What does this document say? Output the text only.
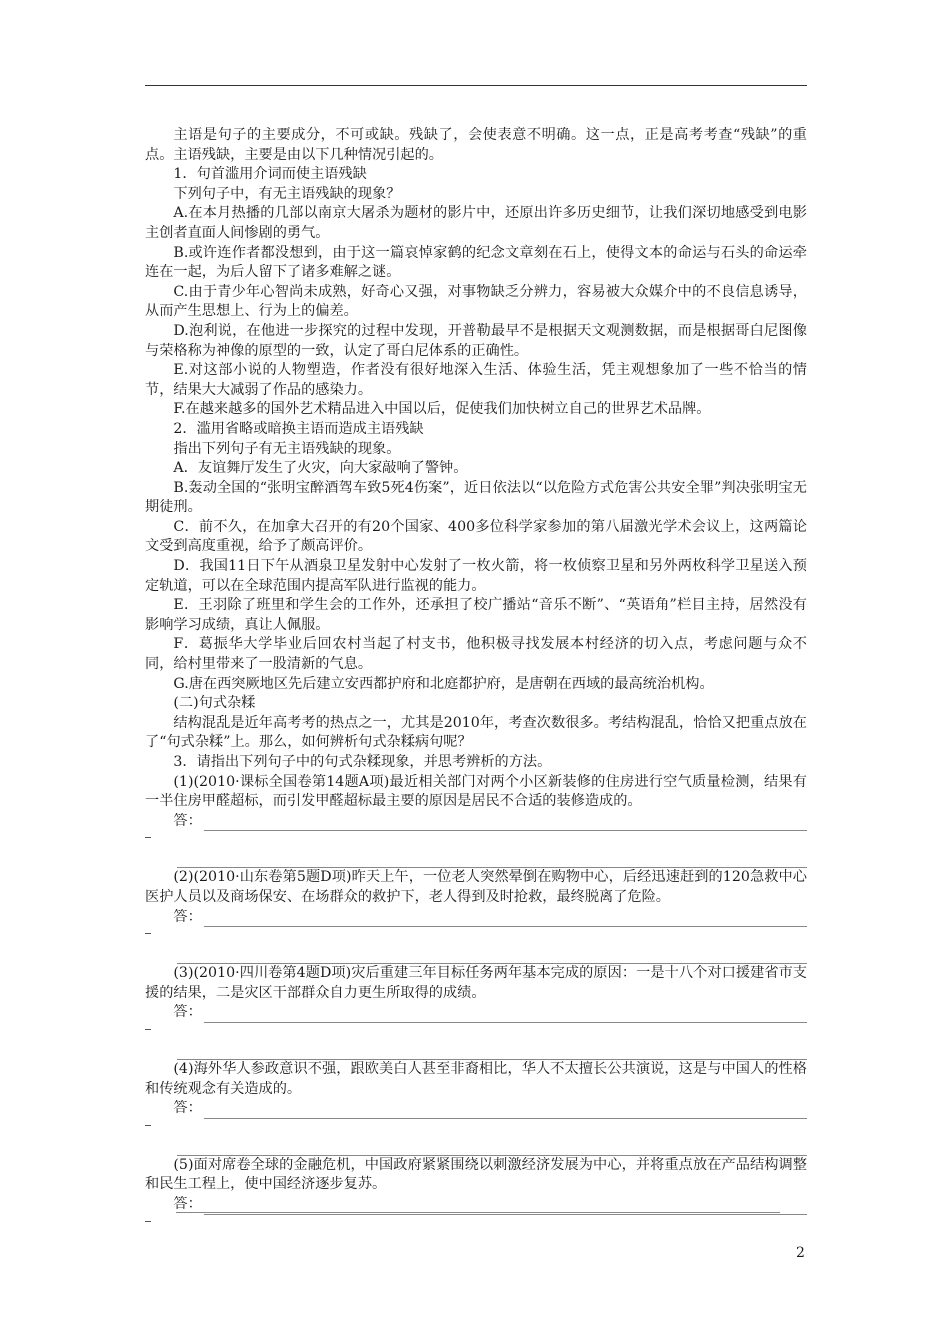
主语是句子的主要成分，不可或缺。残缺了，会使表意不明确。这一点，正是高考考查“残缺”的重点。主语残缺，主要是由以下几种情况引起的。

1．句首滥用介词而使主语残缺

下列句子中，有无主语残缺的现象？

A.在本月热播的几部以南京大屠杀为题材的影片中，还原出许多历史细节，让我们深切地感受到电影主创者直面人间惨剧的勇气。

B.或许连作者都没想到，由于这一篇哀悼家鹤的纪念文章刻在石上，使得文本的命运与石头的命运牵连在一起，为后人留下了诸多难解之谜。

C.由于青少年心智尚未成熟，好奇心又强，对事物缺乏分辨力，容易被大众媒介中的不良信息诱导，从而产生思想上、行为上的偏差。

D.泡利说，在他进一步探究的过程中发现，开普勒最早不是根据天文观测数据，而是根据哥白尼图像与荣格称为神像的原型的一致，认定了哥白尼体系的正确性。

E.对这部小说的人物塑造，作者没有很好地深入生活、体验生活，凭主观想象加了一些不恰当的情节，结果大大减弱了作品的感染力。

F.在越来越多的国外艺术精品进入中国以后，促使我们加快树立自己的世界艺术品牌。

2．滥用省略或暗换主语而造成主语残缺

指出下列句子有无主语残缺的现象。

A．友谊舞厅发生了火灾，向大家敲响了警钟。

B.轰动全国的“张明宝醉酒驾车致5死4伤案”，近日依法以“以危险方式危害公共安全罪”判决张明宝无期徒刑。

C．前不久，在加拿大召开的有20个国家、400多位科学家参加的第八届激光学术会议上，这两篇论文受到高度重视，给予了颇高评价。

D．我国11日下午从酒泉卫星发射中心发射了一枚火箭，将一枚侦察卫星和另外两枚科学卫星送入预定轨道，可以在全球范围内提高军队进行监视的能力。

E．王羽除了班里和学生会的工作外，还承担了校广播站“音乐不断”、“英语角”栏目主持，居然没有影响学习成绩，真让人佩服。

F．葛振华大学毕业后回农村当起了村支书，他积极寻找发展本村经济的切入点，考虑问题与众不同，给村里带来了一股清新的气息。

G.唐在西突厥地区先后建立安西都护府和北庭都护府，是唐朝在西域的最高统治机构。

(二)句式杂糅

结构混乱是近年高考考的热点之一，尤其是2010年，考查次数很多。考结构混乱，恰恰又把重点放在了“句式杂糅”上。那么，如何辨析句式杂糅病句呢？

3．请指出下列句子中的句式杂糅现象，并思考辨析的方法。

(1)(2010·课标全国卷第14题A项)最近相关部门对两个小区新装修的住房进行空气质量检测，结果有一半住房甲醛超标，而引发甲醛超标最主要的原因是居民不合适的装修造成的。

答：

(2)(2010·山东卷第5题D项)昨天上午，一位老人突然晕倒在购物中心，后经迅速赶到的120急救中心医护人员以及商场保安、在场群众的救护下，老人得到及时抢救，最终脱离了危险。

答：

(3)(2010·四川卷第4题D项)灾后重建三年目标任务两年基本完成的原因：一是十八个对口援建省市支援的结果，二是灾区干部群众自力更生所取得的成绩。

答：

(4)海外华人参政意识不强，跟欧美白人甚至非裔相比，华人不太擅长公共演说，这是与中国人的性格和传统观念有关造成的。

答：

(5)面对席卷全球的金融危机，中国政府紧紧围绕以刺激经济发展为中心，并将重点放在产品结构调整和民生工程上，使中国经济逐步复苏。

答：
2
